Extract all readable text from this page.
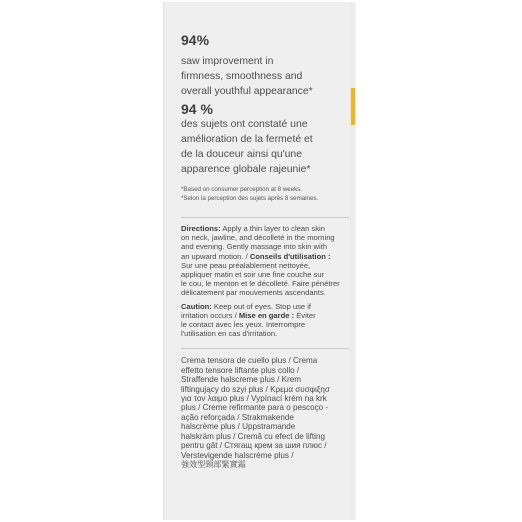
94%

saw improvement in
firmness, smoothness and
overall youthful appearance*

94 %

des sujets ont constaté une
amélioration de la fermeté et
de la douceur ainsi qu'une
apparence globale rajeunie*

*Based on consumer perception at 8 weeks.

*Selon la perception des sujets après 8 semaines.

Directions: Apply a thin layer to clean skin
on neck, jawline, and décolleté in the morning
and evening. Gently massage into skin with
an upward motion. / Conseils d'utilisation :
Sur une peau préalablement nettoyée,
appliquer matin et soir une fine couche sur
le cou, le menton et le décolleté. Faire pénétrer
délicatement par mouvements ascendants.

Caution: Keep out of eyes. Stop use if
irritation occurs / Mise en garde : Éviter
le contact avec les yeux. Interrompre
l'utilisation en cas d'irritation.

Crema tensora de cuello plus / Crema
effetto tensore liftante plus collo /
Straffende halscreme plus / Krem
liftingujący do szyi plus / Κρεμα συσφιξησ
για τον λαιμο plus / Vypínací krém na krk
plus / Creme refirmante para o pescoço -
ação reforçada / Strakmakende
halscrème plus / Uppstramande
halskräm plus / Cremă cu efect de lifting
pentru gât / Стягащ крем за шия плюс /
Verstevigende halscrème plus /
強效型頸部緊實霜
